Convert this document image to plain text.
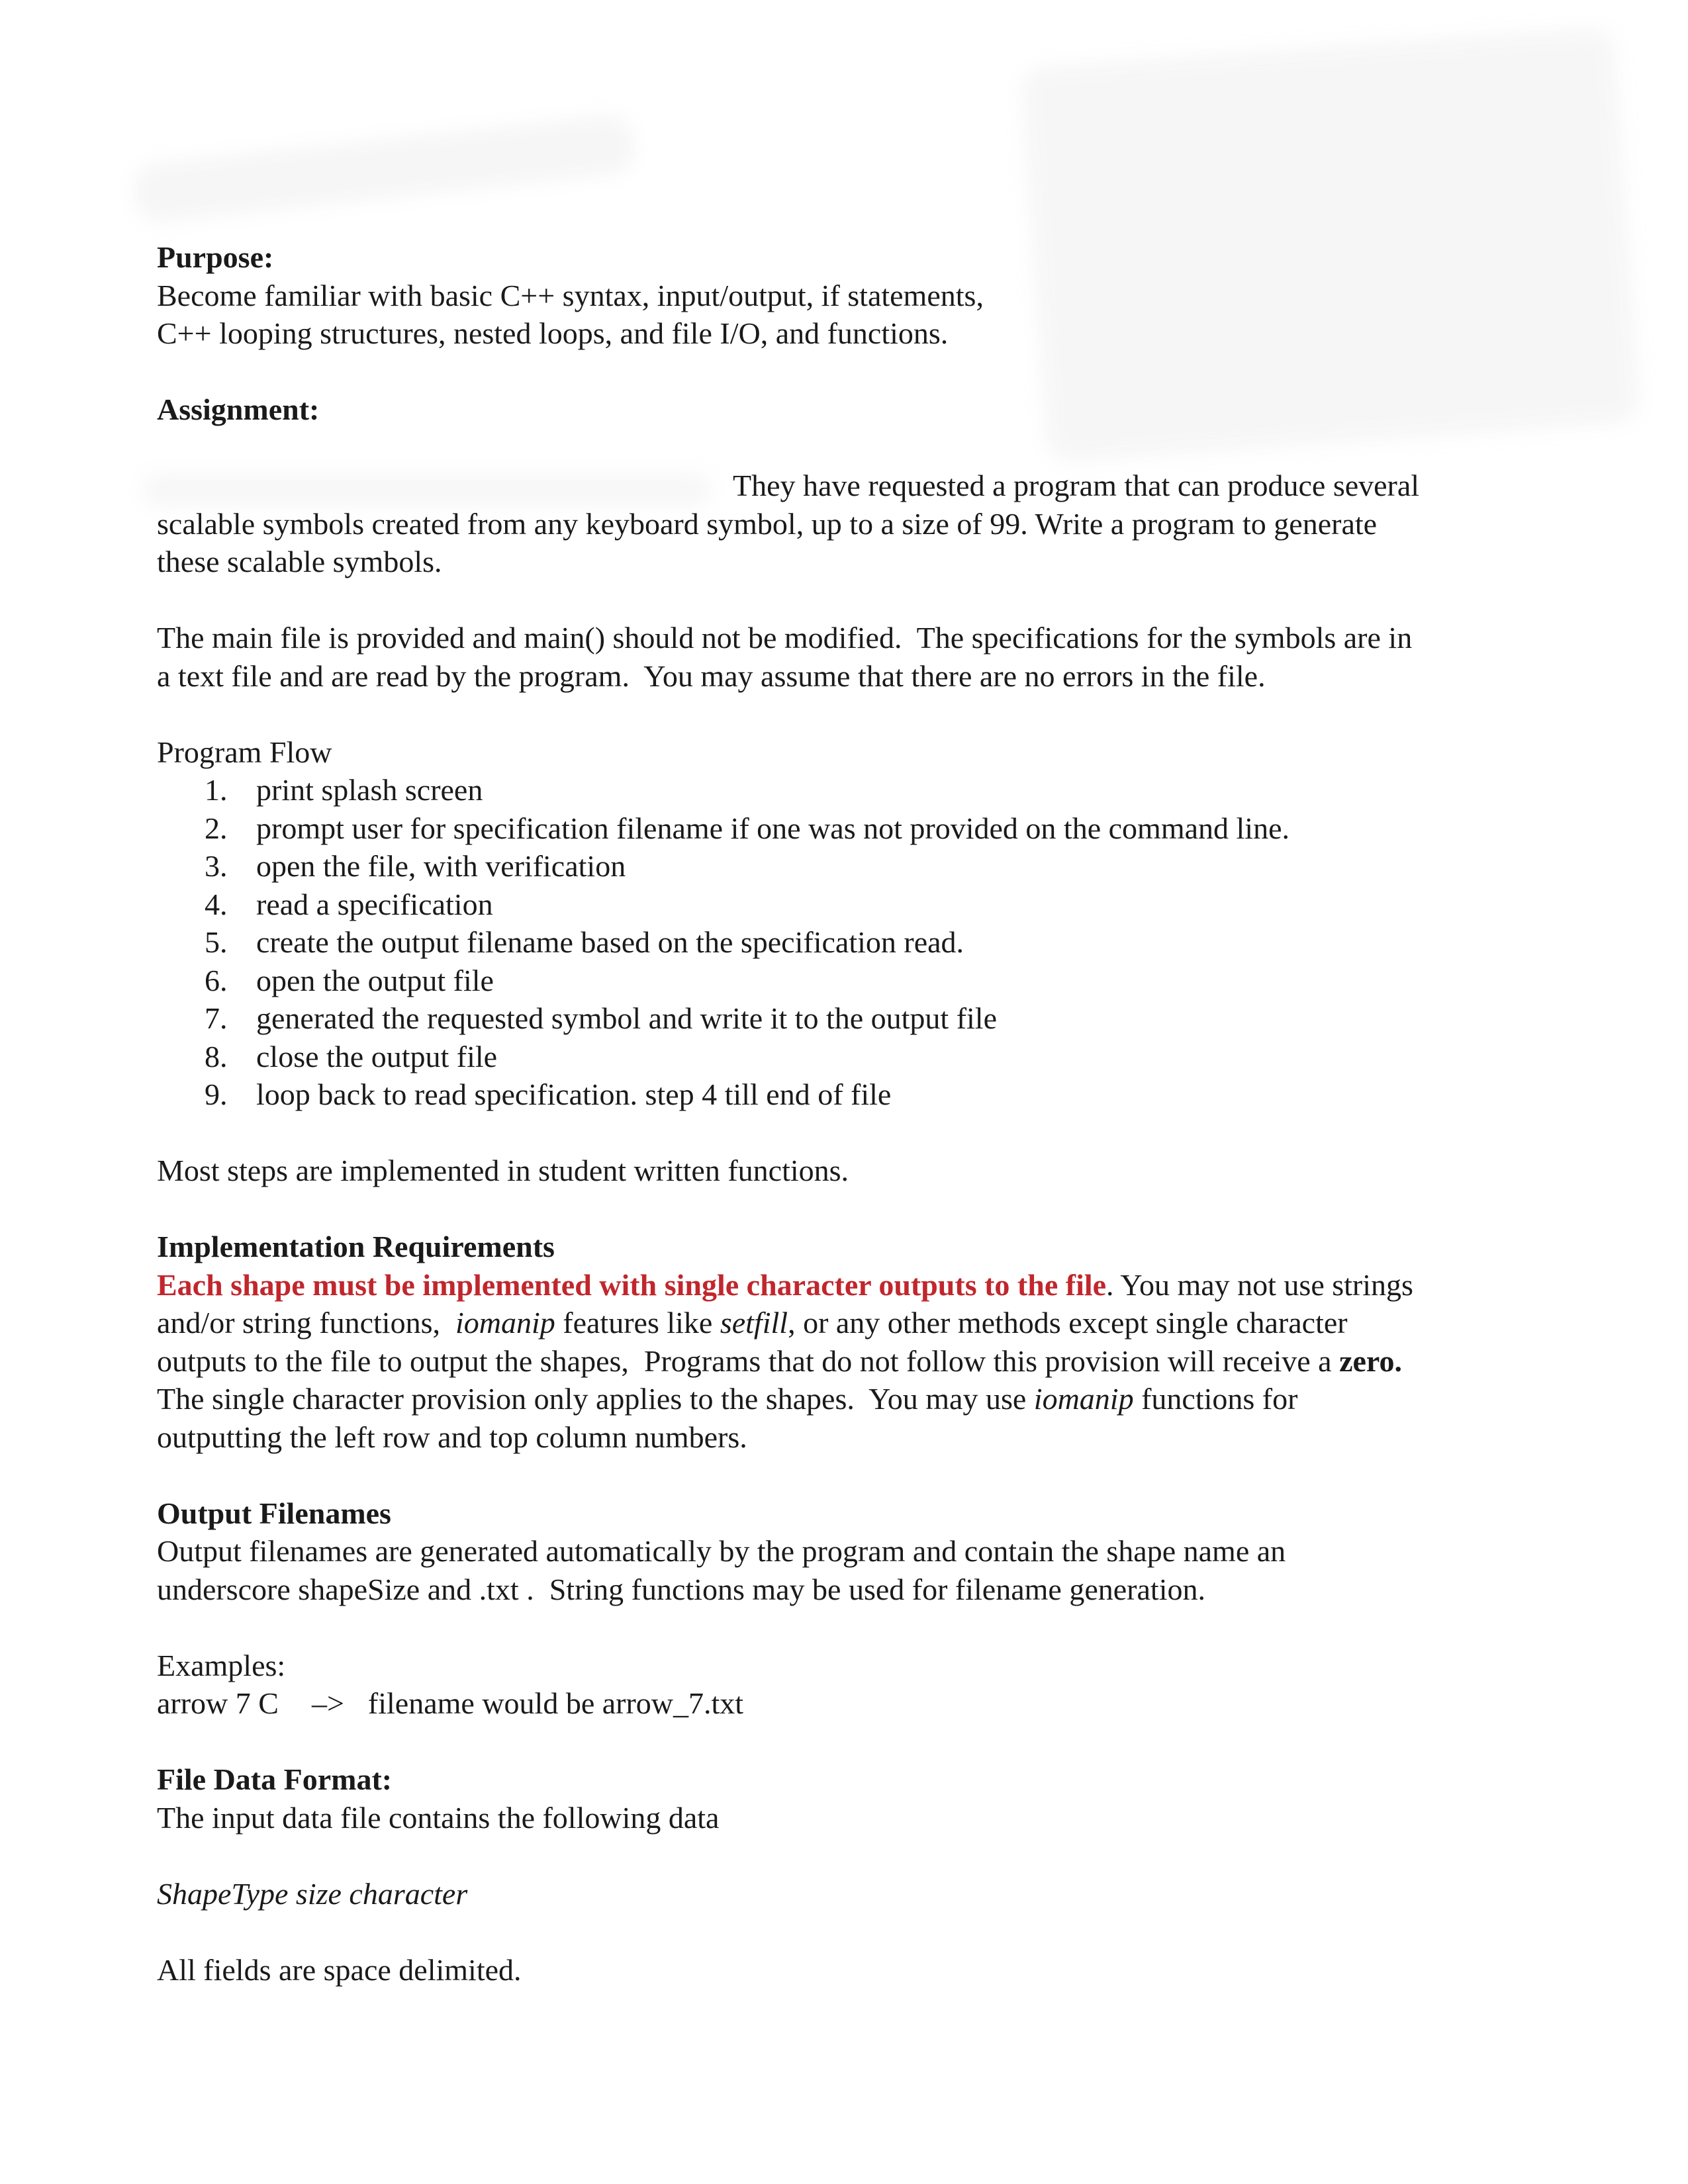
Purpose:
Become familiar with basic C++ syntax, input/output, if statements,
C++ looping structures, nested loops, and file I/O, and functions.
Assignment:
They have requested a program that can produce several
scalable symbols created from any keyboard symbol, up to a size of 99. Write a program to generate
these scalable symbols.
The main file is provided and main() should not be modified.  The specifications for the symbols are in
a text file and are read by the program.  You may assume that there are no errors in the file.
Program Flow
1. print splash screen
2. prompt user for specification filename if one was not provided on the command line.
3. open the file, with verification
4. read a specification
5. create the output filename based on the specification read.
6. open the output file
7. generated the requested symbol and write it to the output file
8. close the output file
9. loop back to read specification. step 4 till end of file
Most steps are implemented in student written functions.
Implementation Requirements
Each shape must be implemented with single character outputs to the file. You may not use strings
and/or string functions,  iomanip features like setfill, or any other methods except single character
outputs to the file to output the shapes,  Programs that do not follow this provision will receive a zero.
The single character provision only applies to the shapes.  You may use iomanip functions for
outputting the left row and top column numbers.
Output Filenames
Output filenames are generated automatically by the program and contain the shape name an
underscore shapeSize and .txt .  String functions may be used for filename generation.
Examples:
arrow 7 C –> filename would be arrow_7.txt
File Data Format:
The input data file contains the following data
ShapeType size character
All fields are space delimited.
